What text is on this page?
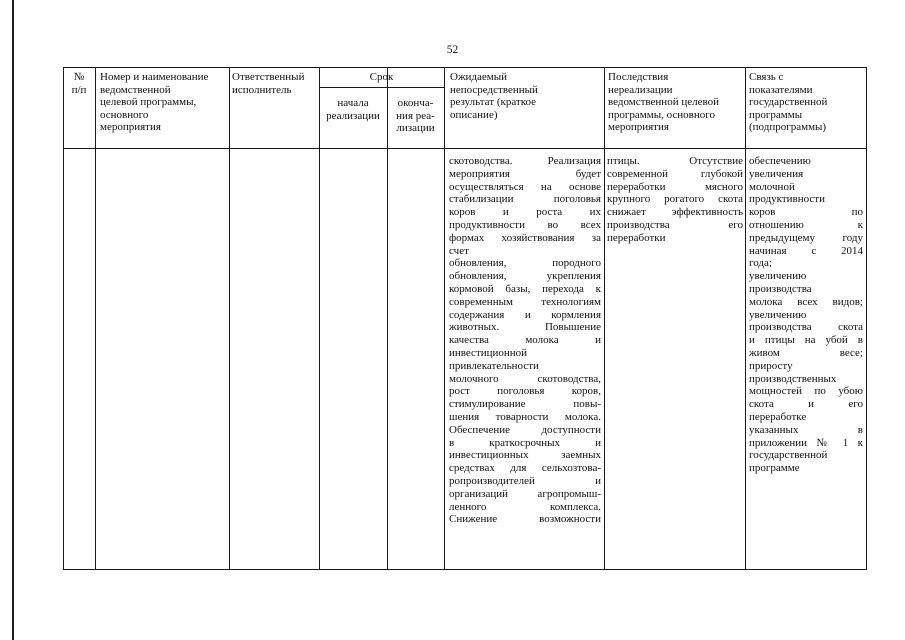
52
№
п/п
Номер и наименование
ведомственной
целевой программы,
основного
мероприятия
Ответственный
исполнитель
Срок
начала
реализации
оконча-
ния реа-
лизации
Ожидаемый
непосредственный
результат (краткое
описание)
Последствия
нереализации
ведомственной целевой
программы, основного
мероприятия
Связь с
показателями
государственной
программы
(подпрограммы)
скотоводства. Реализация
мероприятия будет
осуществляться на основе
стабилизации поголовья
коров и роста их
продуктивности во всех
формах хозяйствования за
счет
обновления, породного
обновления, укрепления
кормовой базы, перехода к
современным технологиям
содержания и кормления
животных. Повышение
качества молока и
инвестиционной
привлекательности
молочного скотоводства,
рост поголовья коров,
стимулирование повы-
шения товарности молока.
Обеспечение доступности
в краткосрочных и
инвестиционных заемных
средствах для сельхозтова-
ропроизводителей и
организаций агропромыш-
ленного комплекса.
Снижение возможности
птицы. Отсутствие
современной глубокой
переработки мясного
крупного рогатого скота
снижает эффективность
производства его
переработки
обеспечению
увеличения
молочной
продуктивности
коров по
отношению к
предыдущему году
начиная с 2014
года;
увеличению
производства
молока всех видов;
увеличению
производства скота
и птицы на убой в
живом весе;
приросту
производственных
мощностей по убою
скота и его
переработке
указанных в
приложении № 1 к
государственной
программе
